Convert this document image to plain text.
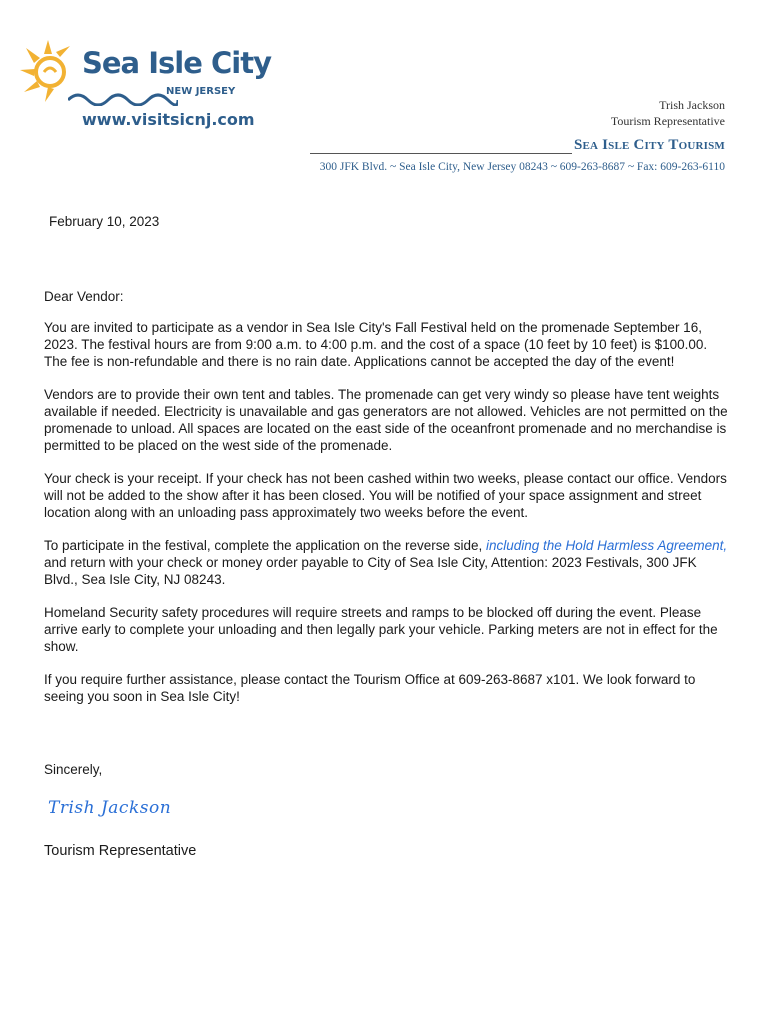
Sea Isle City
NEW JERSEY
www.visitsicnj.com
Trish Jackson
Tourism Representative
Sea Isle City Tourism
300 JFK Blvd. ~ Sea Isle City, New Jersey 08243 ~ 609-263-8687 ~ Fax: 609-263-6110
February 10, 2023

Dear Vendor:

You are invited to participate as a vendor in Sea Isle City's Fall Festival held on the promenade September 16, 2023. The festival hours are from 9:00 a.m. to 4:00 p.m. and the cost of a space (10 feet by 10 feet) is $100.00. The fee is non-refundable and there is no rain date. Applications cannot be accepted the day of the event!

Vendors are to provide their own tent and tables. The promenade can get very windy so please have tent weights available if needed. Electricity is unavailable and gas generators are not allowed. Vehicles are not permitted on the promenade to unload. All spaces are located on the east side of the oceanfront promenade and no merchandise is permitted to be placed on the west side of the promenade.

Your check is your receipt. If your check has not been cashed within two weeks, please contact our office. Vendors will not be added to the show after it has been closed. You will be notified of your space assignment and street location along with an unloading pass approximately two weeks before the event.

To participate in the festival, complete the application on the reverse side, including the Hold Harmless Agreement, and return with your check or money order payable to City of Sea Isle City, Attention: 2023 Festivals, 300 JFK Blvd., Sea Isle City, NJ 08243.

Homeland Security safety procedures will require streets and ramps to be blocked off during the event. Please arrive early to complete your unloading and then legally park your vehicle. Parking meters are not in effect for the show.

If you require further assistance, please contact the Tourism Office at 609-263-8687 x101. We look forward to seeing you soon in Sea Isle City!

Sincerely,
Trish Jackson
Tourism Representative
